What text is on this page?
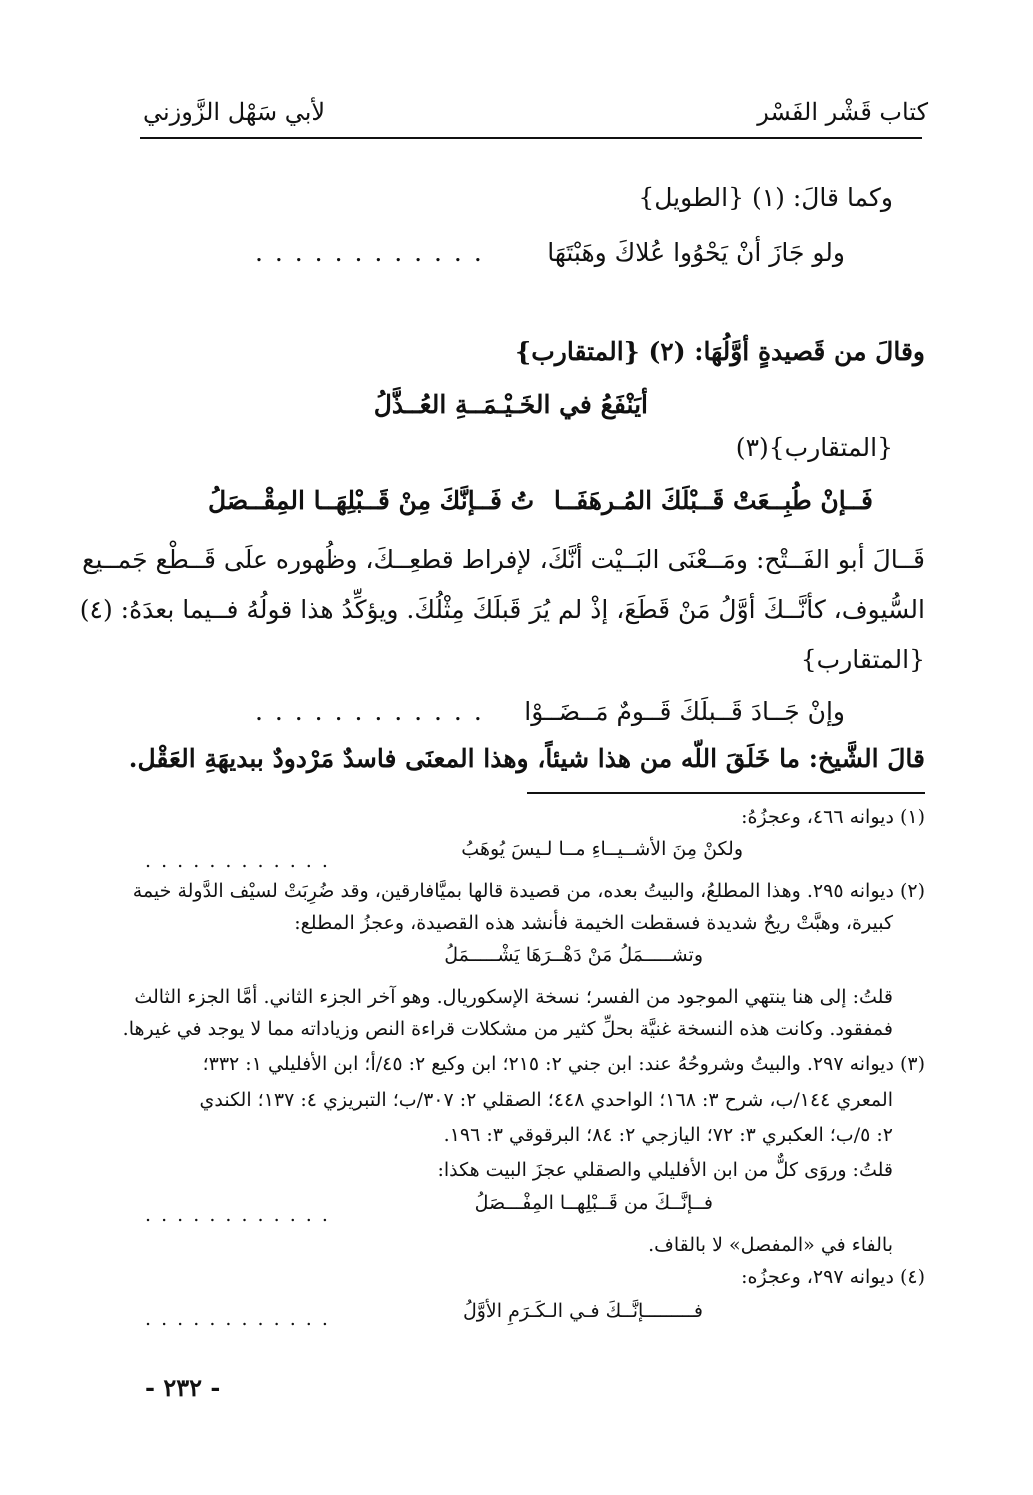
كتاب قَشْر الفَسْر
لأبي سَهْل الزَّوزني
وكما قالَ: (١) {الطويل}
ولو جَازَ أنْ يَحْوُوا عُلاكَ وهَبْتَهَا
. . . . . . . . . . . .
وقالَ من قَصيدةٍ أوَّلُهَا: (٢) {المتقارب}
أيَنْفَعُ في الخَـيْـمَــةِ العُــذَّلُ
{المتقارب}(٣)
فَــإنْ طُبِــعَتْ قَــبْلَكَ المُـرهَفَــا
تُ فَــإنَّكَ مِنْ قَــبْلِهَــا المِقْــصَلُ
قَــالَ أبو الفَــتْح: ومَــعْنَى البَــيْت أنَّكَ، لإفراط قطعِــكَ، وظُهوره علَى قَــطْع جَمــيع
السُّيوف، كأنَّــكَ أوَّلُ مَنْ قَطَعَ، إذْ لم يُرَ قَبلَكَ مِثْلُكَ. ويؤكِّدُ هذا قولُهُ فــيما بعدَهُ: (٤)
{المتقارب}
وإنْ جَــادَ قَــبلَكَ قَــومٌ مَــضَــوْا
. . . . . . . . . . . .
قالَ الشَّيخ: ما خَلَقَ اللّه من هذا شيئاً، وهذا المعنَى فاسدٌ مَرْدودٌ ببديهَةِ العَقْل.
(١) ديوانه ٤٦٦، وعجزُهُ:
ولكنْ مِنَ الأشــيــاءِ مــا لـيسَ يُوهَبُ
. . . . . . . . . . . .
(٢) ديوانه ٢٩٥. وهذا المطلعُ، والبيتُ بعده، من قصيدة قالها بميَّافارقين، وقد ضُرِبَتْ لسيْف الدَّولة خيمة
كبيرة، وهبَّتْ ريحٌ شديدة فسقطت الخيمة فأنشد هذه القصيدة، وعجزُ المطلع:
وتشـــــمَلُ مَنْ دَهْــرَهَا يَشْـــــمَلُ
قلتُ: إلى هنا ينتهي الموجود من الفسر؛ نسخة الإسكوريال. وهو آخر الجزء الثاني. أمَّا الجزء الثالث
فمفقود. وكانت هذه النسخة غنيَّة بحلِّ كثير من مشكلات قراءة النص وزياداته مما لا يوجد في غيرها.
(٣) ديوانه ٢٩٧. والبيتُ وشروحُهُ عند: ابن جني ٢: ٢١٥؛ ابن وكيع ٢: ٤٥/أ؛ ابن الأفليلي ١: ٣٣٢؛
المعري ١٤٤/ب، شرح ٣: ١٦٨؛ الواحدي ٤٤٨؛ الصقلي ٢: ٣٠٧/ب؛ التبريزي ٤: ١٣٧؛ الكندي
٢: ٥/ب؛ العكبري ٣: ٧٢؛ اليازجي ٢: ٨٤؛ البرقوقي ٣: ١٩٦.
قلتُ: وروَى كلٌّ من ابن الأفليلي والصقلي عجزَ البيت هكذا:
فــإنَّــكَ من قَــبْلِهــا المِفْـــصَلُ
. . . . . . . . . . . .
بالفاء في «المفصل» لا بالقاف.
(٤) ديوانه ٢٩٧، وعجزُه:
فـــــــــإنَّــكَ فـي الـكَـرَمِ الأوَّلُ
. . . . . . . . . . . .
- ٢٣٢ -
